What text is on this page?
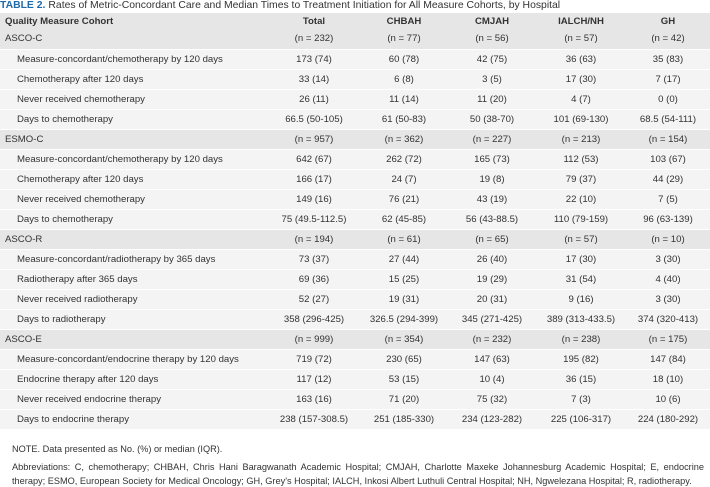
TABLE 2. Rates of Metric-Concordant Care and Median Times to Treatment Initiation for All Measure Cohorts, by Hospital
Quality Measure Cohort	Total	CHBAH	CMJAH	IALCH/NH	GH
ASCO-C	(n = 232)	(n = 77)	(n = 56)	(n = 57)	(n = 42)
Measure-concordant/chemotherapy by 120 days	173 (74)	60 (78)	42 (75)	36 (63)	35 (83)
Chemotherapy after 120 days	33 (14)	6 (8)	3 (5)	17 (30)	7 (17)
Never received chemotherapy	26 (11)	11 (14)	11 (20)	4 (7)	0 (0)
Days to chemotherapy	66.5 (50-105)	61 (50-83)	50 (38-70)	101 (69-130)	68.5 (54-111)
ESMO-C	(n = 957)	(n = 362)	(n = 227)	(n = 213)	(n = 154)
Measure-concordant/chemotherapy by 120 days	642 (67)	262 (72)	165 (73)	112 (53)	103 (67)
Chemotherapy after 120 days	166 (17)	24 (7)	19 (8)	79 (37)	44 (29)
Never received chemotherapy	149 (16)	76 (21)	43 (19)	22 (10)	7 (5)
Days to chemotherapy	75 (49.5-112.5)	62 (45-85)	56 (43-88.5)	110 (79-159)	96 (63-139)
ASCO-R	(n = 194)	(n = 61)	(n = 65)	(n = 57)	(n = 10)
Measure-concordant/radiotherapy by 365 days	73 (37)	27 (44)	26 (40)	17 (30)	3 (30)
Radiotherapy after 365 days	69 (36)	15 (25)	19 (29)	31 (54)	4 (40)
Never received radiotherapy	52 (27)	19 (31)	20 (31)	9 (16)	3 (30)
Days to radiotherapy	358 (296-425)	326.5 (294-399)	345 (271-425)	389 (313-433.5)	374 (320-413)
ASCO-E	(n = 999)	(n = 354)	(n = 232)	(n = 238)	(n = 175)
Measure-concordant/endocrine therapy by 120 days	719 (72)	230 (65)	147 (63)	195 (82)	147 (84)
Endocrine therapy after 120 days	117 (12)	53 (15)	10 (4)	36 (15)	18 (10)
Never received endocrine therapy	163 (16)	71 (20)	75 (32)	7 (3)	10 (6)
Days to endocrine therapy	238 (157-308.5)	251 (185-330)	234 (123-282)	225 (106-317)	224 (180-292)

NOTE. Data presented as No. (%) or median (IQR).

Abbreviations: C, chemotherapy; CHBAH, Chris Hani Baragwanath Academic Hospital; CMJAH, Charlotte Maxeke Johannesburg Academic Hospital; E, endocrine therapy; ESMO, European Society for Medical Oncology; GH, Grey's Hospital; IALCH, Inkosi Albert Luthuli Central Hospital; NH, Ngwelezana Hospital; R, radiotherapy.
